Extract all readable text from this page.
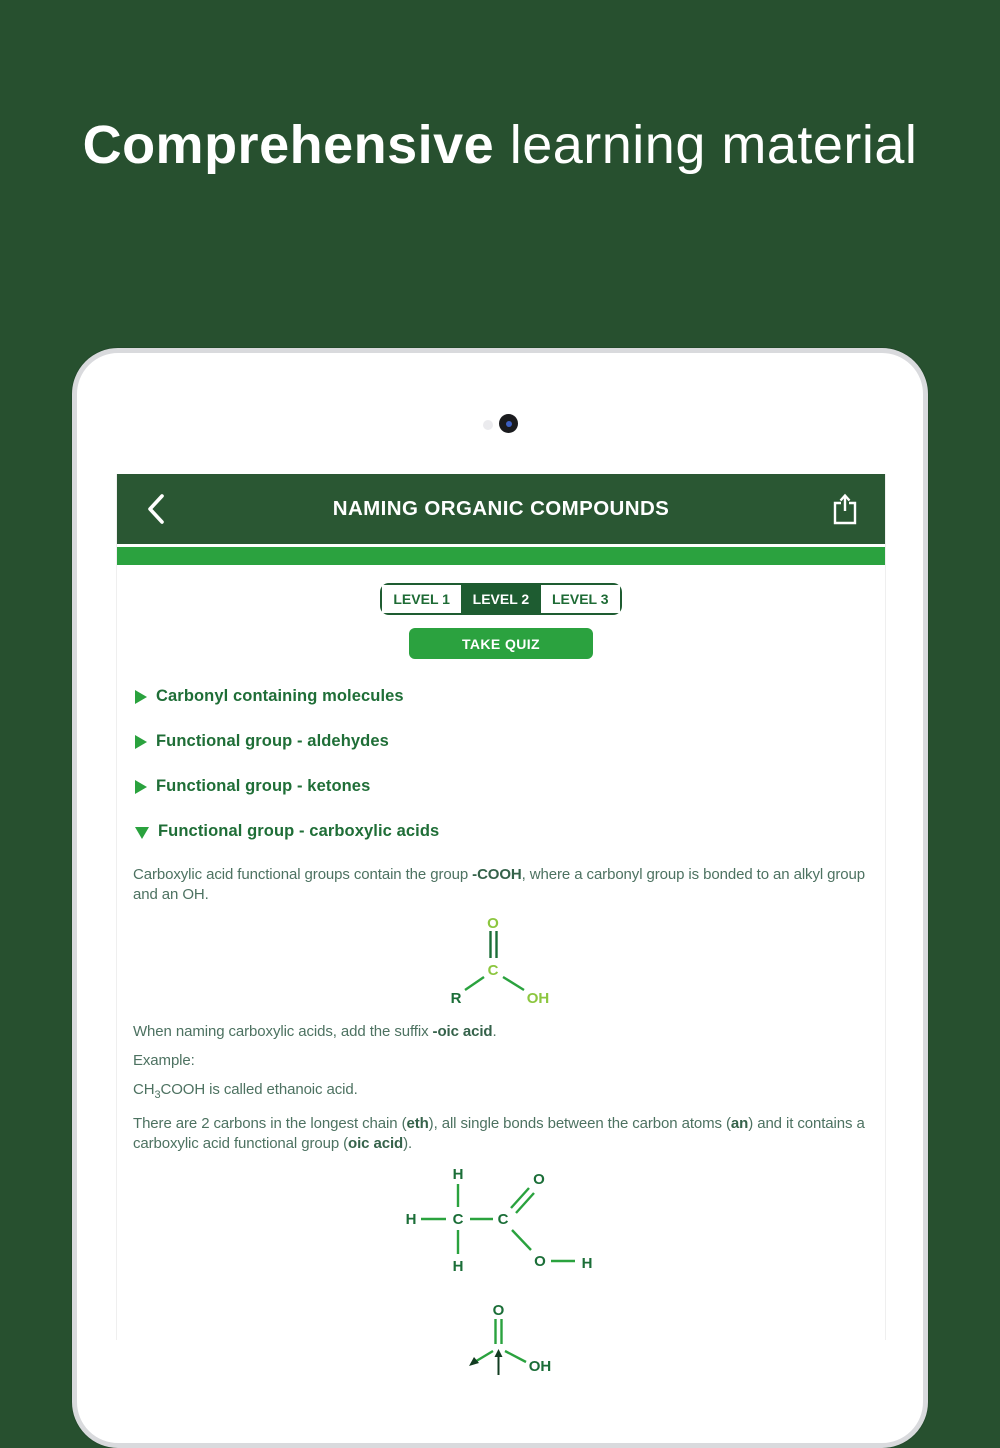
Comprehensive learning material
NAMING ORGANIC COMPOUNDS
LEVEL 1	LEVEL 2	LEVEL 3
TAKE QUIZ
Carbonyl containing molecules
Functional group - aldehydes
Functional group - ketones
Functional group - carboxylic acids

Carboxylic acid functional groups contain the group -COOH, where a carbonyl group is bonded to an alkyl group and an OH.

O
C
R	OH

When naming carboxylic acids, add the suffix -oic acid.

Example:

$CH_3COOH$ is called ethanoic acid.

There are 2 carbons in the longest chain (eth), all single bonds between the carbon atoms (an) and it contains a carboxylic acid functional group (oic acid).

H
H
H
C C
O
O H
O
OH
